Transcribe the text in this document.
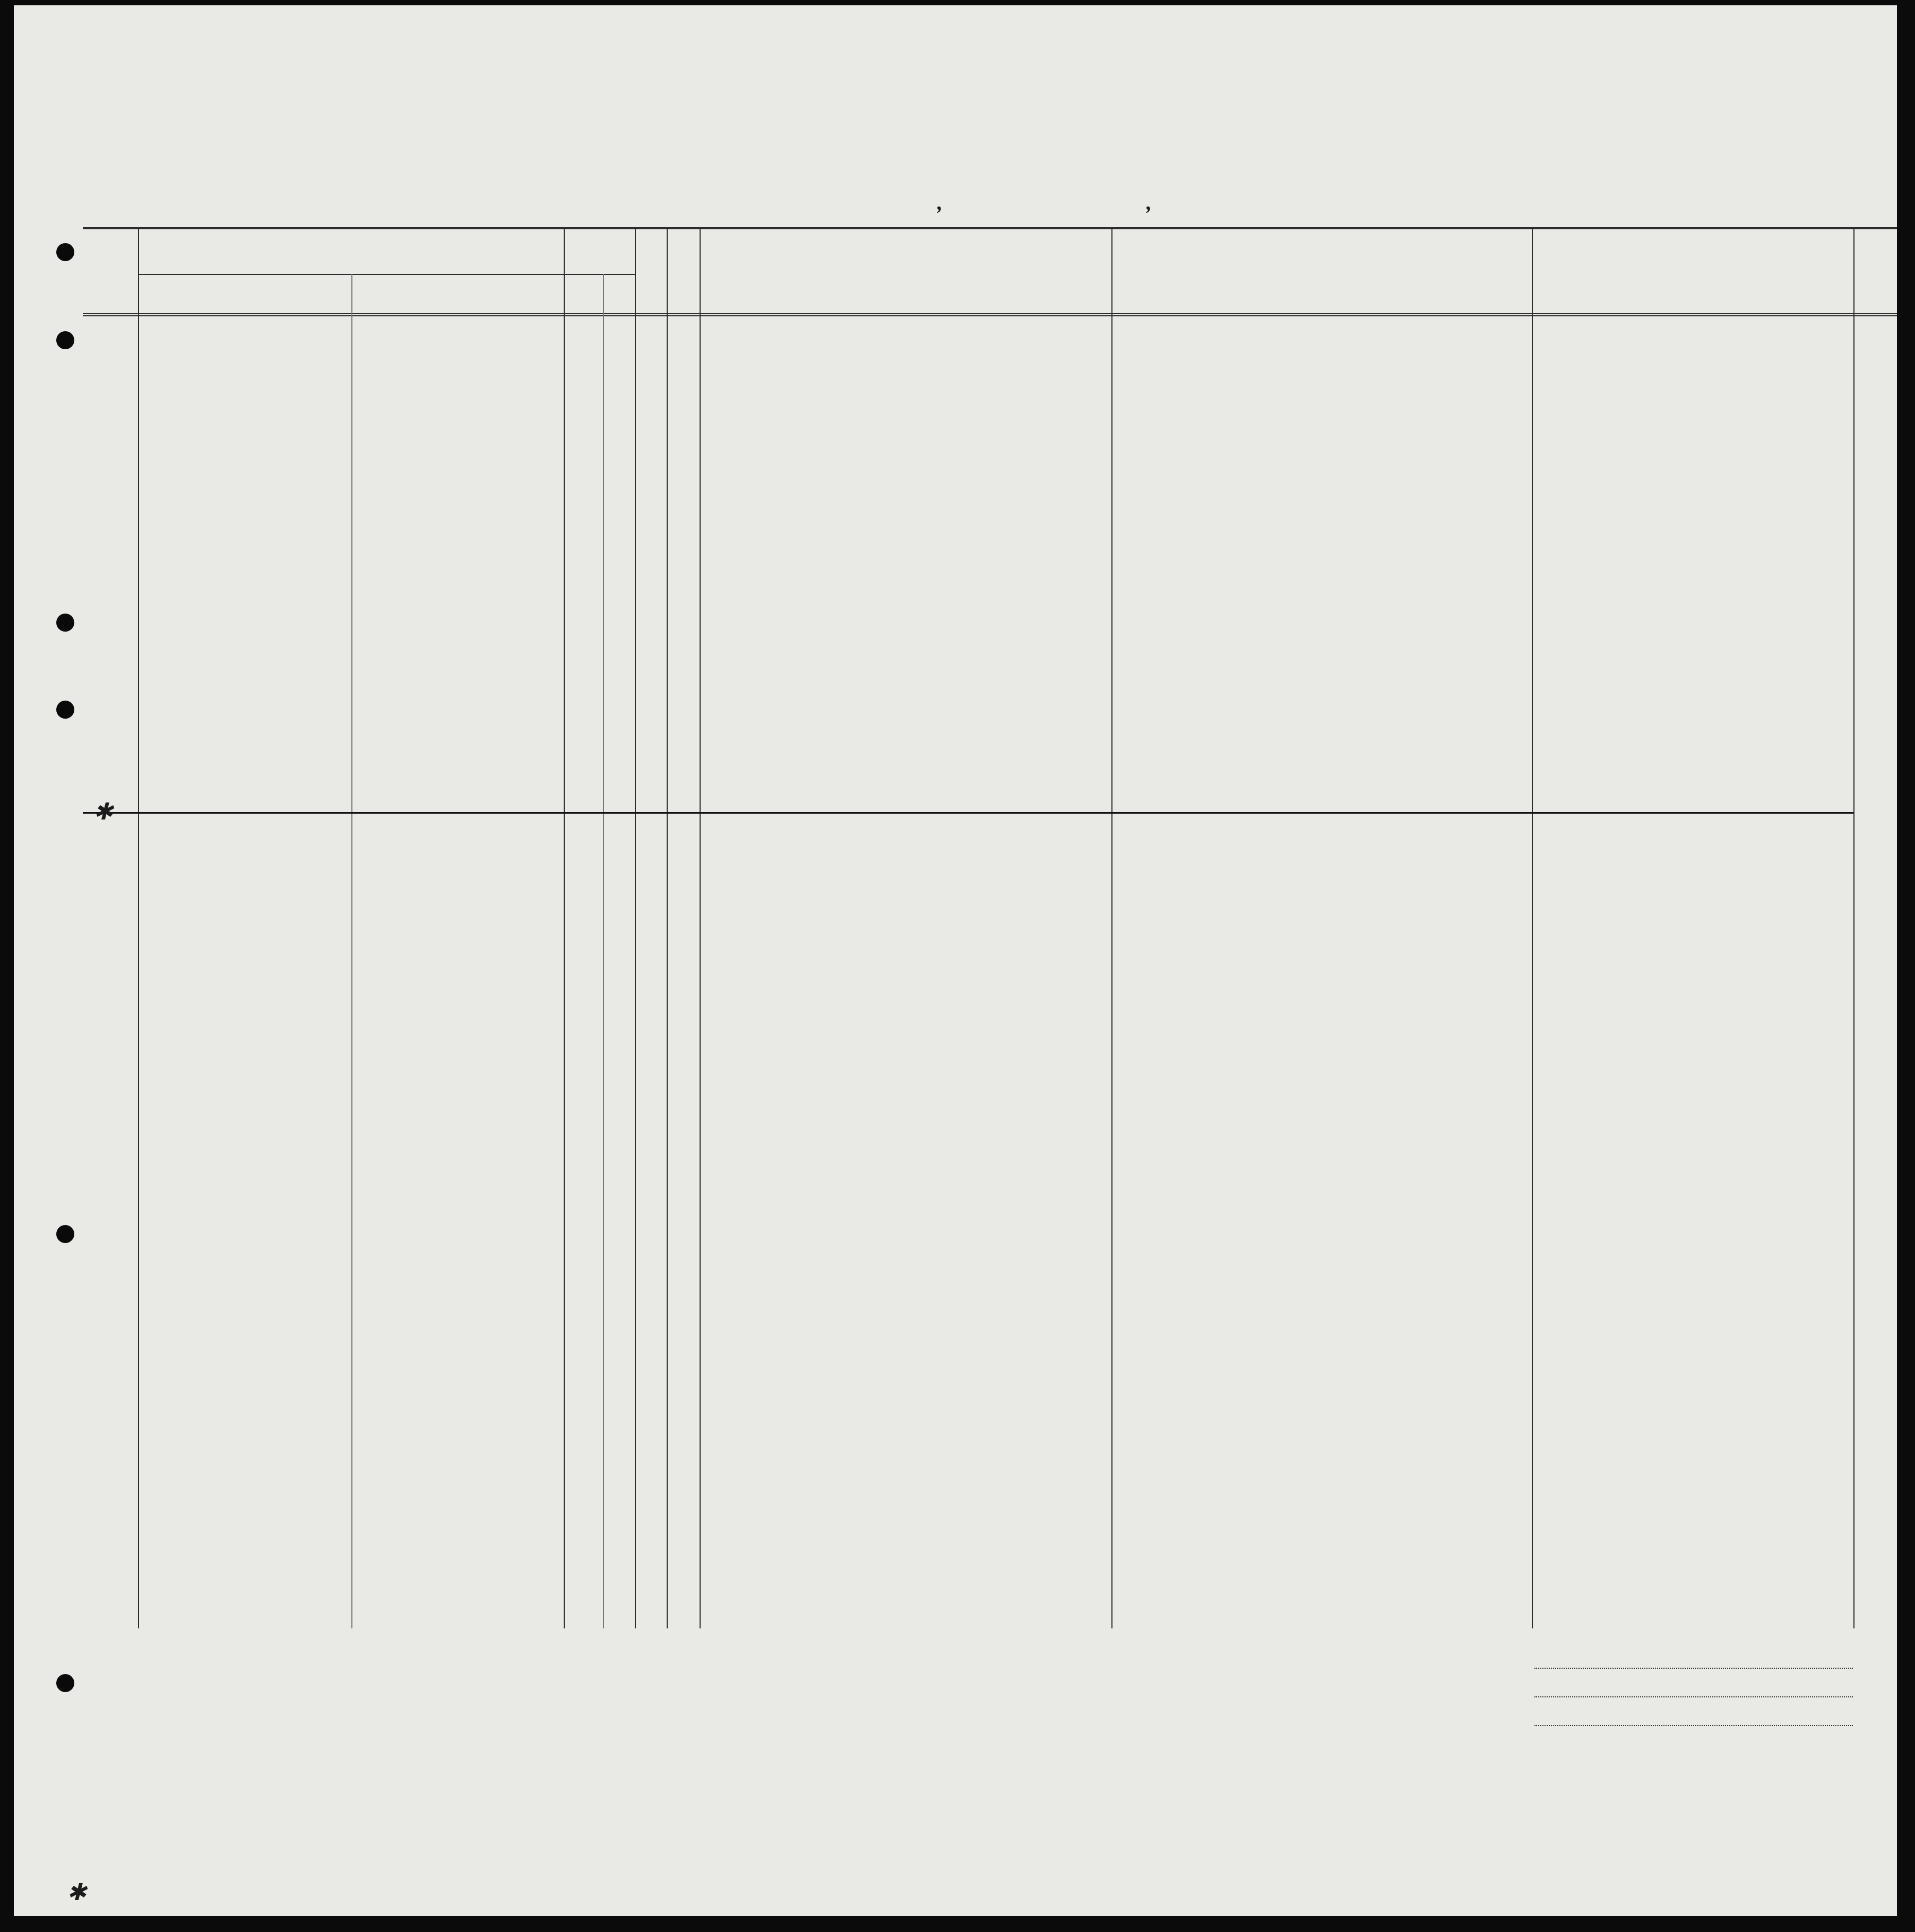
,	,
✱

✱
